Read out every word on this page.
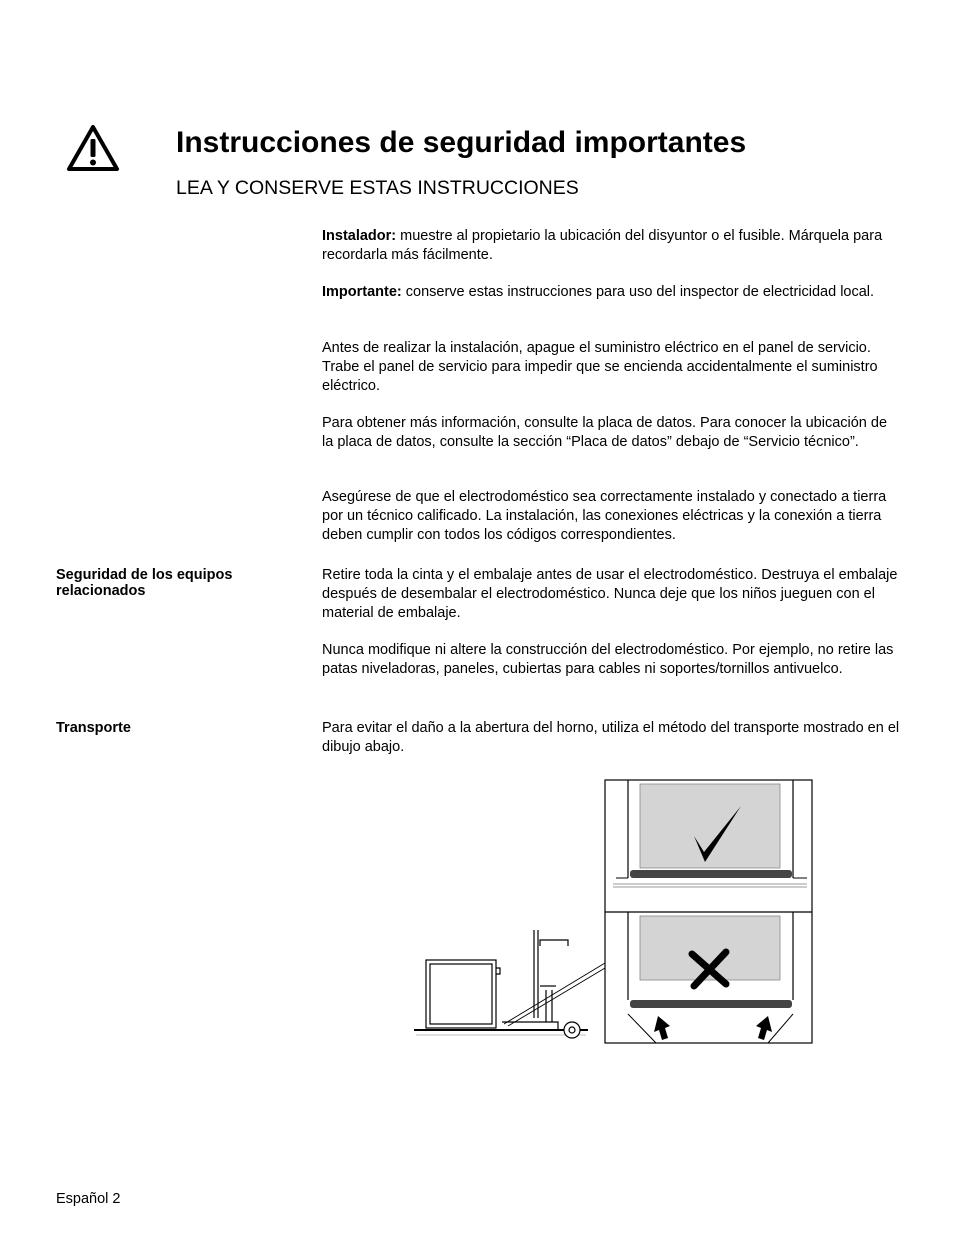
Instrucciones de seguridad importantes
LEA Y CONSERVE ESTAS INSTRUCCIONES

Instalador: muestre al propietario la ubicación del disyuntor o el fusible. Márquela para recordarla más fácilmente.

Importante: conserve estas instrucciones para uso del inspector de electricidad local.

Antes de realizar la instalación, apague el suministro eléctrico en el panel de servicio. Trabe el panel de servicio para impedir que se encienda accidentalmente el suministro eléctrico.

Para obtener más información, consulte la placa de datos. Para conocer la ubicación de la placa de datos, consulte la sección “Placa de datos” debajo de “Servicio técnico”.

Asegúrese de que el electrodoméstico sea correctamente instalado y conectado a tierra por un técnico calificado. La instalación, las conexiones eléctricas y la conexión a tierra deben cumplir con todos los códigos correspondientes.

Seguridad de los equipos relacionados

Retire toda la cinta y el embalaje antes de usar el electrodoméstico. Destruya el embalaje después de desembalar el electrodoméstico. Nunca deje que los niños jueguen con el material de embalaje.

Nunca modifique ni altere la construcción del electrodoméstico. Por ejemplo, no retire las patas niveladoras, paneles, cubiertas para cables ni soportes/tornillos antivuelco.

Transporte	Para evitar el daño a la abertura del horno, utiliza el método del transporte mostrado en el dibujo abajo.

Español 2
